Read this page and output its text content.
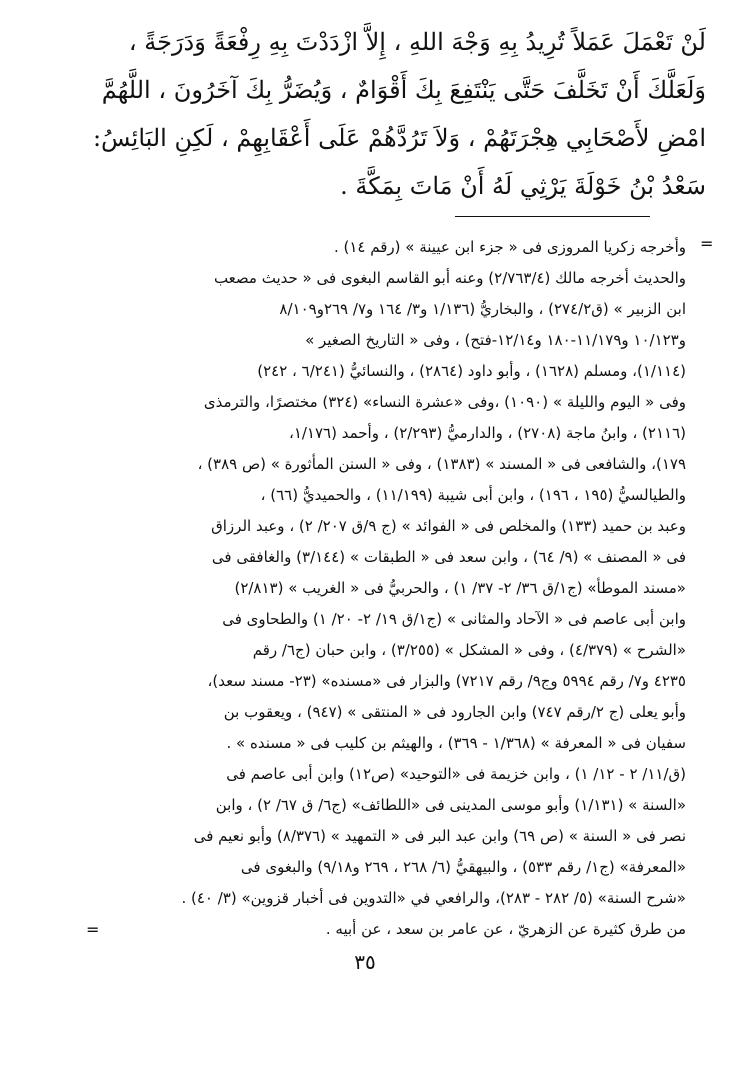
لَنْ تَعْمَلَ عَمَلاً تُرِيدُ بِهِ وَجْهَ اللهِ ، إِلاَّ ازْدَدْتَ بِهِ رِفْعَةً وَدَرَجَةً ،
وَلَعَلَّكَ أَنْ تَخَلَّفَ حَتَّى يَنْتَفِعَ بِكَ أَقْوَامٌ ، وَيُضَرُّ بِكَ آخَرُونَ ، اللَّهُمَّ
امْضِ لأَصْحَابِي هِجْرَتَهُمْ ، وَلاَ تَرُدَّهُمْ عَلَى أَعْقَابِهِمْ ، لَكِنِ البَائِسُ:
سَعْدُ بْنُ خَوْلَةَ يَرْثِي لَهُ أَنْ مَاتَ بِمَكَّةَ .
=
وأخرجه زكريا المروزى فى « جزء ابن عيينة » (رقم ١٤) .
والحديث أخرجه مالك (٢/٧٦٣/٤) وعنه أبو القاسم البغوى فى « حديث مصعب
ابن الزبير » (ق٢٧٤/٢) ، والبخاريُّ (١/١٣٦ و٣/ ١٦٤ و٧/ ٢٦٩و٨/١٠٩
و١٠/١٢٣ و١١/١٧٩-١٨٠ و١٢/١٤-فتح) ، وفى « التاريخ الصغير »
(١/١١٤)، ومسلم (١٦٢٨) ، وأبو داود (٢٨٦٤) ، والنسائيُّ (٦/٢٤١ ، ٢٤٢)
وفى « اليوم والليلة » (١٠٩٠) ،وفى «عشرة النساء» (٣٢٤) مختصرًا، والترمذى
(٢١١٦) ، وابنُ ماجة (٢٧٠٨) ، والدارميُّ (٢/٢٩٣) ، وأحمد (١/١٧٦،
١٧٩)، والشافعى فى « المسند » (١٣٨٣) ، وفى « السنن المأثورة » (ص ٣٨٩) ،
والطيالسيُّ (١٩٥ ، ١٩٦) ، وابن أبى شيبة (١١/١٩٩) ، والحميديُّ (٦٦) ،
وعبد بن حميد (١٣٣) والمخلص فى « الفوائد » (ج ٩/ق ٢٠٧/ ٢) ، وعبد الرزاق
فى « المصنف » (٩/ ٦٤) ، وابن سعد فى « الطبقات » (٣/١٤٤) والغافقى فى
«مسند الموطأ» (ج١/ق ٣٦/ ٢- ٣٧/ ١) ، والحربيُّ فى « الغريب » (٢/٨١٣)
وابن أبى عاصم فى « الآحاد والمثانى » (ج١/ق ١٩/ ٢- ٢٠/ ١) والطحاوى فى
«الشرح » (٤/٣٧٩) ، وفى « المشكل » (٣/٢٥٥) ، وابن حبان (ج٦/ رقم
٤٢٣٥ و٧/ رقم ٥٩٩٤ وج٩/ رقم ٧٢١٧) والبزار فى «مسنده» (٢٣- مسند سعد)،
وأبو يعلى (ج ٢/رقم ٧٤٧) وابن الجارود فى « المنتقى » (٩٤٧) ، ويعقوب بن
سفيان فى « المعرفة » (١/٣٦٨ - ٣٦٩) ، والهيثم بن كليب فى « مسنده » .
(ق/١١/ ٢ - ١٢/ ١) ، وابن خزيمة فى «التوحيد» (ص١٢) وابن أبى عاصم فى
«السنة » (١/١٣١) وأبو موسى المدينى فى «اللطائف» (ج٦/ ق ٦٧/ ٢) ، وابن
نصر فى « السنة » (ص ٦٩) وابن عبد البر فى « التمهيد » (٨/٣٧٦) وأبو نعيم فى
«المعرفة» (ج١/ رقم ٥٣٣) ، والبيهقيُّ (٦/ ٢٦٨ ، ٢٦٩ و٩/١٨) والبغوى فى
«شرح السنة» (٥/ ٢٨٢ - ٢٨٣)، والرافعي في «التدوين فى أخبار قزوين» (٣/ ٤٠) .
من طرق كثيرة عن الزهريّ ، عن عامر بن سعد ، عن أبيه .
=
٣٥
